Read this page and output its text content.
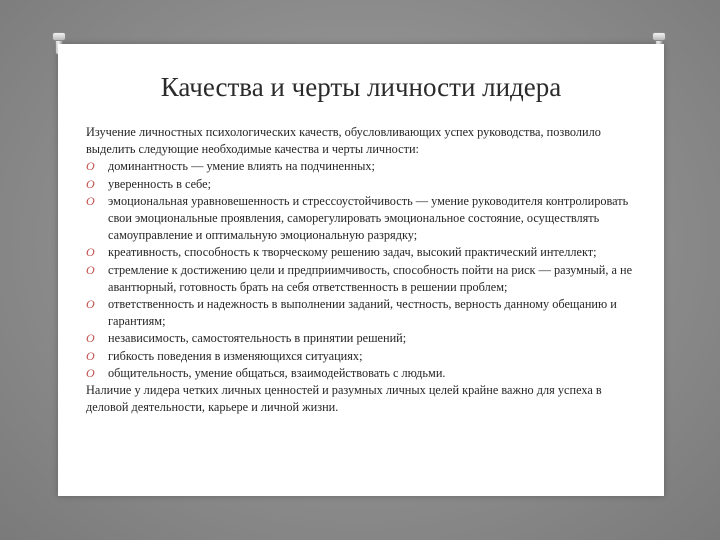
Качества и черты личности лидера

Изучение личностных психологических качеств, обусловливающих успех руководства, позволило выделить следующие необходимые качества и черты личности:

O доминантность — умение влиять на подчиненных;
O уверенность в себе;
O эмоциональная уравновешенность и стрессоустойчивость — умение руководителя контролировать свои эмоциональные проявления, саморегулировать эмоциональное состояние, осуществлять самоуправление и оптимальную эмоциональную разрядку;
O креативность, способность к творческому решению задач, высокий практический интеллект;
O стремление к достижению цели и предприимчивость, способность пойти на риск — разумный, а не авантюрный, готовность брать на себя ответственность в решении проблем;
O ответственность и надежность в выполнении заданий, честность, верность данному обещанию и гарантиям;
O независимость, самостоятельность в принятии решений;
O гибкость поведения в изменяющихся ситуациях;
O общительность, умение общаться, взаимодействовать с людьми.

Наличие у лидера четких личных ценностей и разумных личных целей крайне важно для успеха в деловой деятельности, карьере и личной жизни.
